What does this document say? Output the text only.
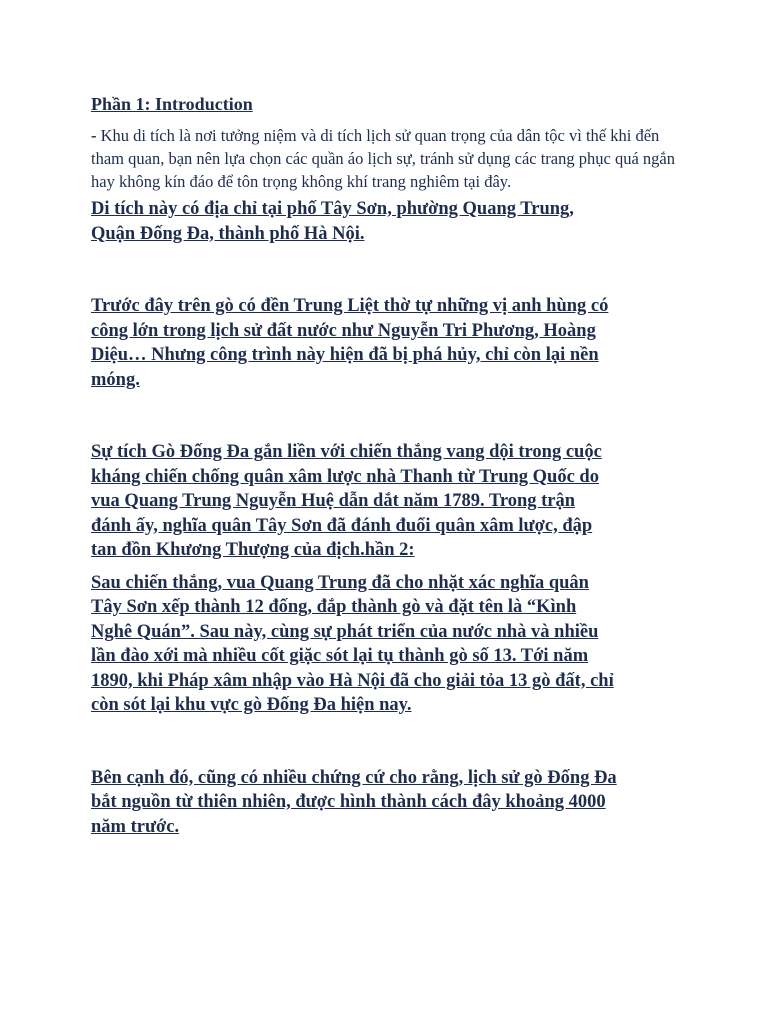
Phần 1: Introduction

- Khu di tích là nơi tưởng niệm và di tích lịch sử quan trọng của dân tộc vì thế khi đến tham quan, bạn nên lựa chọn các quần áo lịch sự, tránh sử dụng các trang phục quá ngắn hay không kín đáo để tôn trọng không khí trang nghiêm tại đây.

Di tích này có địa chỉ tại phố Tây Sơn, phường Quang Trung,
Quận Đống Đa, thành phố Hà Nội.

Trước đây trên gò có đền Trung Liệt thờ tự những vị anh hùng có
công lớn trong lịch sử đất nước như Nguyễn Tri Phương, Hoàng
Diệu… Nhưng công trình này hiện đã bị phá hủy, chỉ còn lại nền
móng.

Sự tích Gò Đống Đa gắn liền với chiến thắng vang dội trong cuộc
kháng chiến chống quân xâm lược nhà Thanh từ Trung Quốc do
vua Quang Trung Nguyễn Huệ dẫn dắt năm 1789. Trong trận
đánh ấy, nghĩa quân Tây Sơn đã đánh đuổi quân xâm lược, đập
tan đồn Khương Thượng của địch.hần 2:

Sau chiến thắng, vua Quang Trung đã cho nhặt xác nghĩa quân
Tây Sơn xếp thành 12 đống, đắp thành gò và đặt tên là “Kình
Nghê Quán”. Sau này, cùng sự phát triển của nước nhà và nhiều
lần đào xới mà nhiều cốt giặc sót lại tụ thành gò số 13. Tới năm
1890, khi Pháp xâm nhập vào Hà Nội đã cho giải tỏa 13 gò đất, chỉ
còn sót lại khu vực gò Đống Đa hiện nay.

Bên cạnh đó, cũng có nhiều chứng cứ cho rằng, lịch sử gò Đống Đa
bắt nguồn từ thiên nhiên, được hình thành cách đây khoảng 4000
năm trước.
